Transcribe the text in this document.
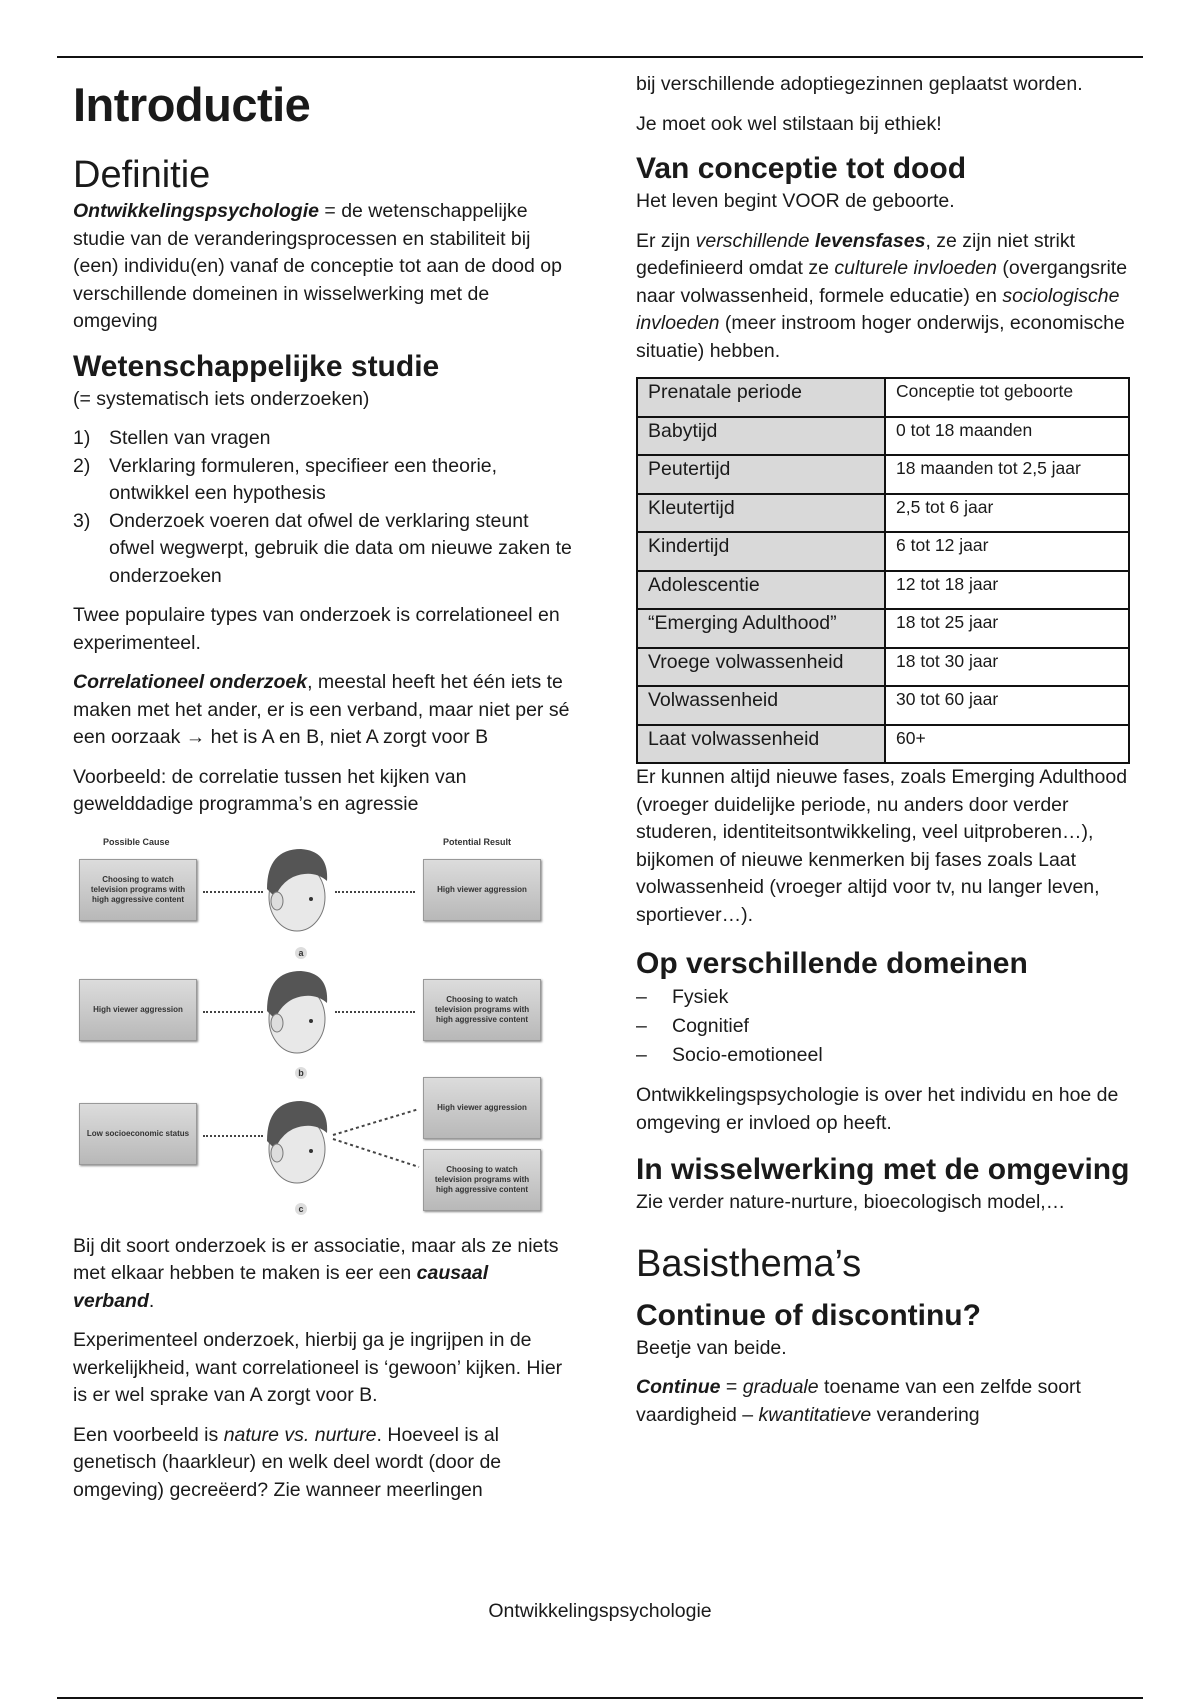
Introductie
Definitie

Ontwikkelingspsychologie = de wetenschappelijke studie van de veranderingsprocessen en stabiliteit bij (een) individu(en) vanaf de conceptie tot aan de dood op verschillende domeinen in wisselwerking met de omgeving

Wetenschappelijke studie

(= systematisch iets onderzoeken)

1) Stellen van vragen
2) Verklaring formuleren, specifieer een theorie, ontwikkel een hypothesis
3) Onderzoek voeren dat ofwel de verklaring steunt ofwel wegwerpt, gebruik die data om nieuwe zaken te onderzoeken

Twee populaire types van onderzoek is correlationeel en experimenteel.

Correlationeel onderzoek, meestal heeft het één iets te maken met het ander, er is een verband, maar niet per sé een oorzaak → het is A en B, niet A zorgt voor B

Voorbeeld: de correlatie tussen het kijken van gewelddadige programma’s en agressie

Possible Cause	Potential Result
Choosing to watch television programs with high aggressive content
High viewer aggression
a
High viewer aggression
Choosing to watch television programs with high aggressive content
b
Low socioeconomic status
High viewer aggression
Choosing to watch television programs with high aggressive content
c

Bij dit soort onderzoek is er associatie, maar als ze niets met elkaar hebben te maken is eer een causaal verband.

Experimenteel onderzoek, hierbij ga je ingrijpen in de werkelijkheid, want correlationeel is ‘gewoon’ kijken. Hier is er wel sprake van A zorgt voor B.

Een voorbeeld is nature vs. nurture. Hoeveel is al genetisch (haarkleur) en welk deel wordt (door de omgeving) gecreëerd? Zie wanneer meerlingen

bij verschillende adoptiegezinnen geplaatst worden.

Je moet ook wel stilstaan bij ethiek!

Van conceptie tot dood

Het leven begint VOOR de geboorte.

Er zijn verschillende levensfases, ze zijn niet strikt gedefinieerd omdat ze culturele invloeden (overgangsrite naar volwassenheid, formele educatie) en sociologische invloeden (meer instroom hoger onderwijs, economische situatie) hebben.

Prenatale periode	Conceptie tot geboorte
Babytijd	0 tot 18 maanden
Peutertijd	18 maanden tot 2,5 jaar
Kleutertijd	2,5 tot 6 jaar
Kindertijd	6 tot 12 jaar
Adolescentie	12 tot 18 jaar
“Emerging Adulthood”	18 tot 25 jaar
Vroege volwassenheid	18 tot 30 jaar
Volwassenheid	30 tot 60 jaar
Laat volwassenheid	60+

Er kunnen altijd nieuwe fases, zoals Emerging Adulthood (vroeger duidelijke periode, nu anders door verder studeren, identiteitsontwikkeling, veel uitproberen…), bijkomen of nieuwe kenmerken bij fases zoals Laat volwassenheid (vroeger altijd voor tv, nu langer leven, sportiever…).

Op verschillende domeinen
–	Fysiek
–	Cognitief
–	Socio-emotioneel

Ontwikkelingspsychologie is over het individu en hoe de omgeving er invloed op heeft.

In wisselwerking met de omgeving

Zie verder nature-nurture, bioecologisch model,…

Basisthema’s
Continue of discontinu?

Beetje van beide.

Continue = graduale toename van een zelfde soort vaardigheid – kwantitatieve verandering

Ontwikkelingspsychologie
